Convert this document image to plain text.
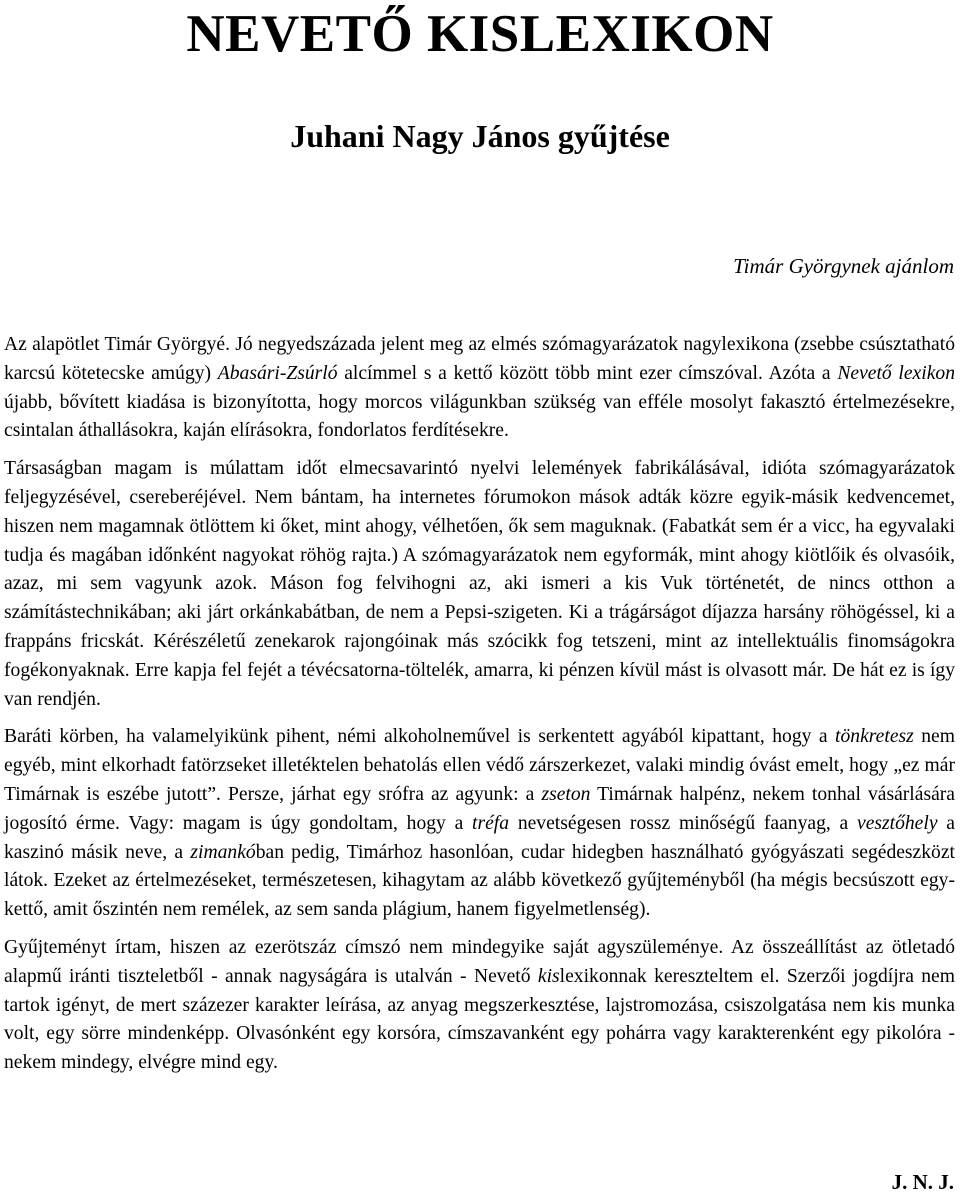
NEVETŐ KISLEXIKON
Juhani Nagy János gyűjtése

Timár Györgynek ajánlom

Az alapötlet Timár Györgyé. Jó negyedszázada jelent meg az elmés szómagyarázatok nagylexikona (zsebbe csúsztatható karcsú kötetecske amúgy) Abasári-Zsúrló alcímmel s a kettő között több mint ezer címszóval. Azóta a Nevető lexikon újabb, bővített kiadása is bizonyította, hogy morcos világunkban szükség van efféle mosolyt fakasztó értelmezésekre, csintalan áthallásokra, kaján elírásokra, fondorlatos ferdítésekre.

Társaságban magam is múlattam időt elmecsavarintó nyelvi lelemények fabrikálásával, idióta szómagyarázatok feljegyzésével, csereberéjével. Nem bántam, ha internetes fórumokon mások adták közre egyik-másik kedvencemet, hiszen nem magamnak ötlöttem ki őket, mint ahogy, vélhetően, ők sem maguknak. (Fabatkát sem ér a vicc, ha egyvalaki tudja és magában időnként nagyokat röhög rajta.) A szómagyarázatok nem egyformák, mint ahogy kiötlőik és olvasóik, azaz, mi sem vagyunk azok. Máson fog felvihogni az, aki ismeri a kis Vuk történetét, de nincs otthon a számítástechnikában; aki járt orkánkabátban, de nem a Pepsi-szigeten. Ki a trágárságot díjazza harsány röhögéssel, ki a frappáns fricskát. Kérészéletű zenekarok rajongóinak más szócikk fog tetszeni, mint az intellektuális finomságokra fogékonyaknak. Erre kapja fel fejét a tévécsatorna-töltelék, amarra, ki pénzen kívül mást is olvasott már. De hát ez is így van rendjén.

Baráti körben, ha valamelyikünk pihent, némi alkoholneművel is serkentett agyából kipattant, hogy a tönkretesz nem egyéb, mint elkorhadt fatörzseket illetéktelen behatolás ellen védő zárszerkezet, valaki mindig óvást emelt, hogy „ez már Timárnak is eszébe jutott”. Persze, járhat egy srófra az agyunk: a zseton Timárnak halpénz, nekem tonhal vásárlására jogosító érme. Vagy: magam is úgy gondoltam, hogy a tréfa nevetségesen rossz minőségű faanyag, a vesztőhely a kaszinó másik neve, a zimankóban pedig, Timárhoz hasonlóan, cudar hidegben használható gyógyászati segédeszközt látok. Ezeket az értelmezéseket, természetesen, kihagytam az alább következő gyűjteményből (ha mégis becsúszott egy-kettő, amit őszintén nem remélek, az sem sanda plágium, hanem figyelmetlenség).

Gyűjteményt írtam, hiszen az ezerötszáz címszó nem mindegyike saját agyszüleménye. Az összeállítást az ötletadó alapmű iránti tiszteletből - annak nagyságára is utalván - Nevető kislexikonnak kereszteltem el. Szerzői jogdíjra nem tartok igényt, de mert százezer karakter leírása, az anyag megszerkesztése, lajstromozása, csiszolgatása nem kis munka volt, egy sörre mindenképp. Olvasónként egy korsóra, címszavanként egy pohárra vagy karakterenként egy pikolóra - nekem mindegy, elvégre mind egy.

J. N. J.
